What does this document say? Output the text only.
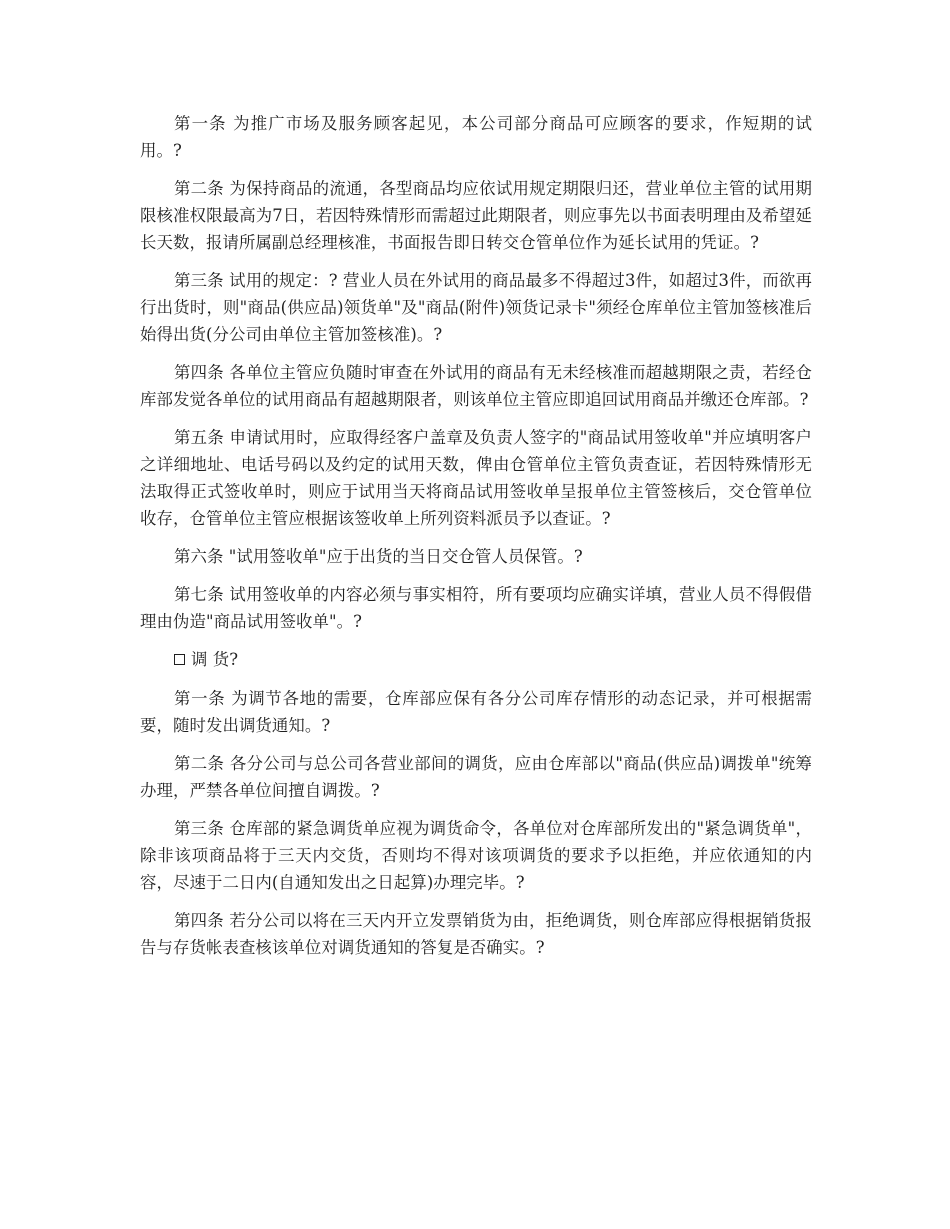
第一条 为推广市场及服务顾客起见，本公司部分商品可应顾客的要求，作短期的试用。?

第二条 为保持商品的流通，各型商品均应依试用规定期限归还，营业单位主管的试用期限核准权限最高为7日，若因特殊情形而需超过此期限者，则应事先以书面表明理由及希望延长天数，报请所属副总经理核准，书面报告即日转交仓管单位作为延长试用的凭证。?

第三条 试用的规定：? 营业人员在外试用的商品最多不得超过3件，如超过3件，而欲再行出货时，则"商品(供应品)领货单"及"商品(附件)领货记录卡"须经仓库单位主管加签核准后始得出货(分公司由单位主管加签核准)。?

第四条 各单位主管应负随时审查在外试用的商品有无未经核准而超越期限之责，若经仓库部发觉各单位的试用商品有超越期限者，则该单位主管应即追回试用商品并缴还仓库部。?

第五条 申请试用时，应取得经客户盖章及负责人签字的"商品试用签收单"并应填明客户之详细地址、电话号码以及约定的试用天数，俾由仓管单位主管负责查证，若因特殊情形无法取得正式签收单时，则应于试用当天将商品试用签收单呈报单位主管签核后，交仓管单位收存，仓管单位主管应根据该签收单上所列资料派员予以查证。?

第六条 "试用签收单"应于出货的当日交仓管人员保管。?

第七条 试用签收单的内容必须与事实相符，所有要项均应确实详填，营业人员不得假借理由伪造"商品试用签收单"。?

调 货?

第一条 为调节各地的需要，仓库部应保有各分公司库存情形的动态记录，并可根据需要，随时发出调货通知。?

第二条 各分公司与总公司各营业部间的调货，应由仓库部以"商品(供应品)调拨单"统筹办理，严禁各单位间擅自调拨。?

第三条 仓库部的紧急调货单应视为调货命令，各单位对仓库部所发出的"紧急调货单"，除非该项商品将于三天内交货，否则均不得对该项调货的要求予以拒绝，并应依通知的内容，尽速于二日内(自通知发出之日起算)办理完毕。?

第四条 若分公司以将在三天内开立发票销货为由，拒绝调货，则仓库部应得根据销货报告与存货帐表查核该单位对调货通知的答复是否确实。?
